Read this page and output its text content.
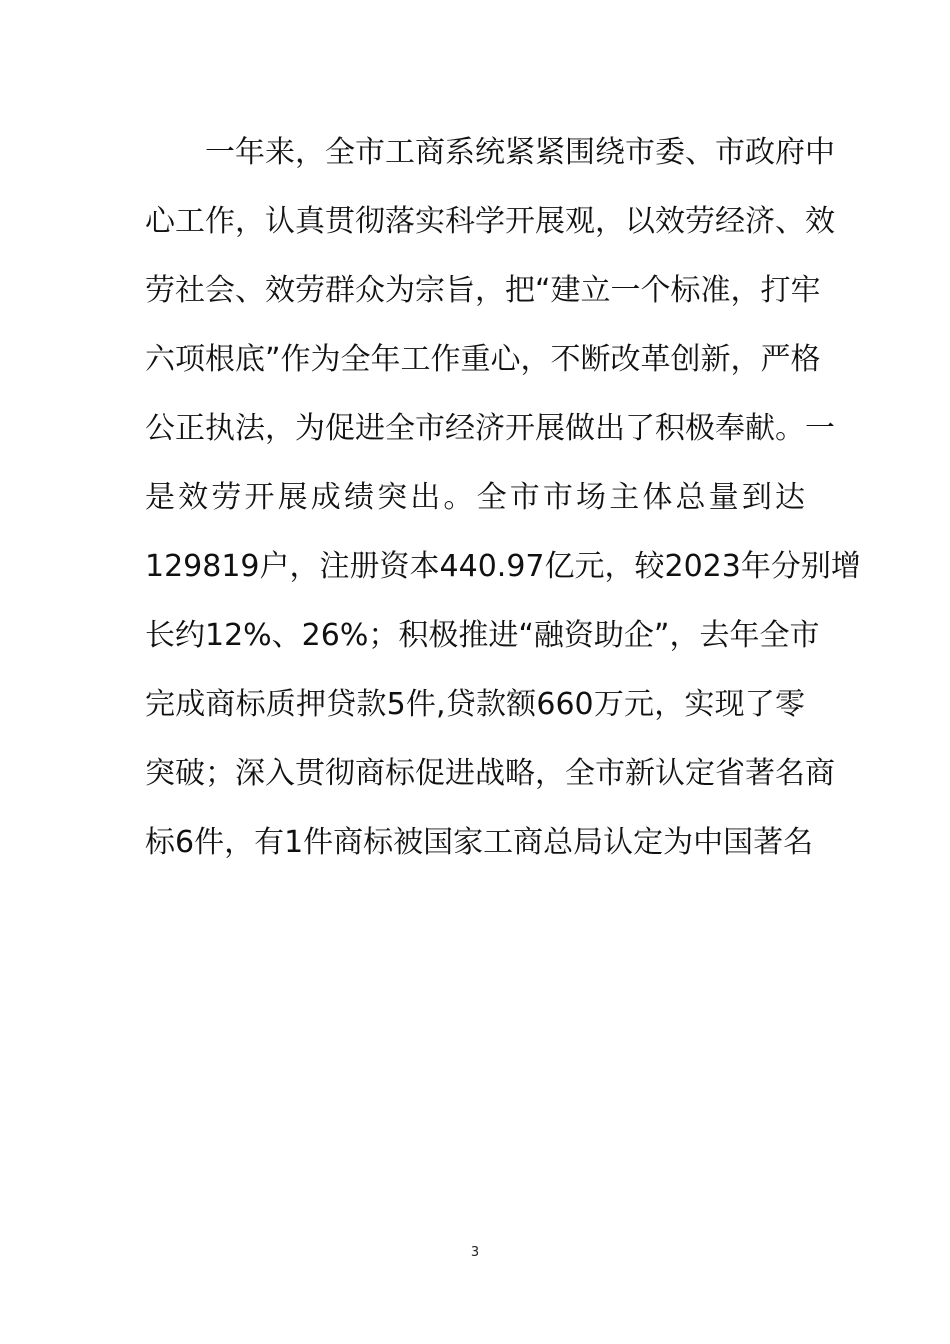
一年来，全市工商系统紧紧围绕市委、市政府中
心工作，认真贯彻落实科学开展观，以效劳经济、效
劳社会、效劳群众为宗旨，把“建立一个标准，打牢
六项根底”作为全年工作重心，不断改革创新，严格
公正执法，为促进全市经济开展做出了积极奉献。一
是效劳开展成绩突出。全市市场主体总量到达
129819户，注册资本440.97亿元，较2023年分别增
长约12%、26%；积极推进“融资助企”，去年全市
完成商标质押贷款5件,贷款额660万元，实现了零
突破；深入贯彻商标促进战略，全市新认定省著名商
标6件，有1件商标被国家工商总局认定为中国著名
3
